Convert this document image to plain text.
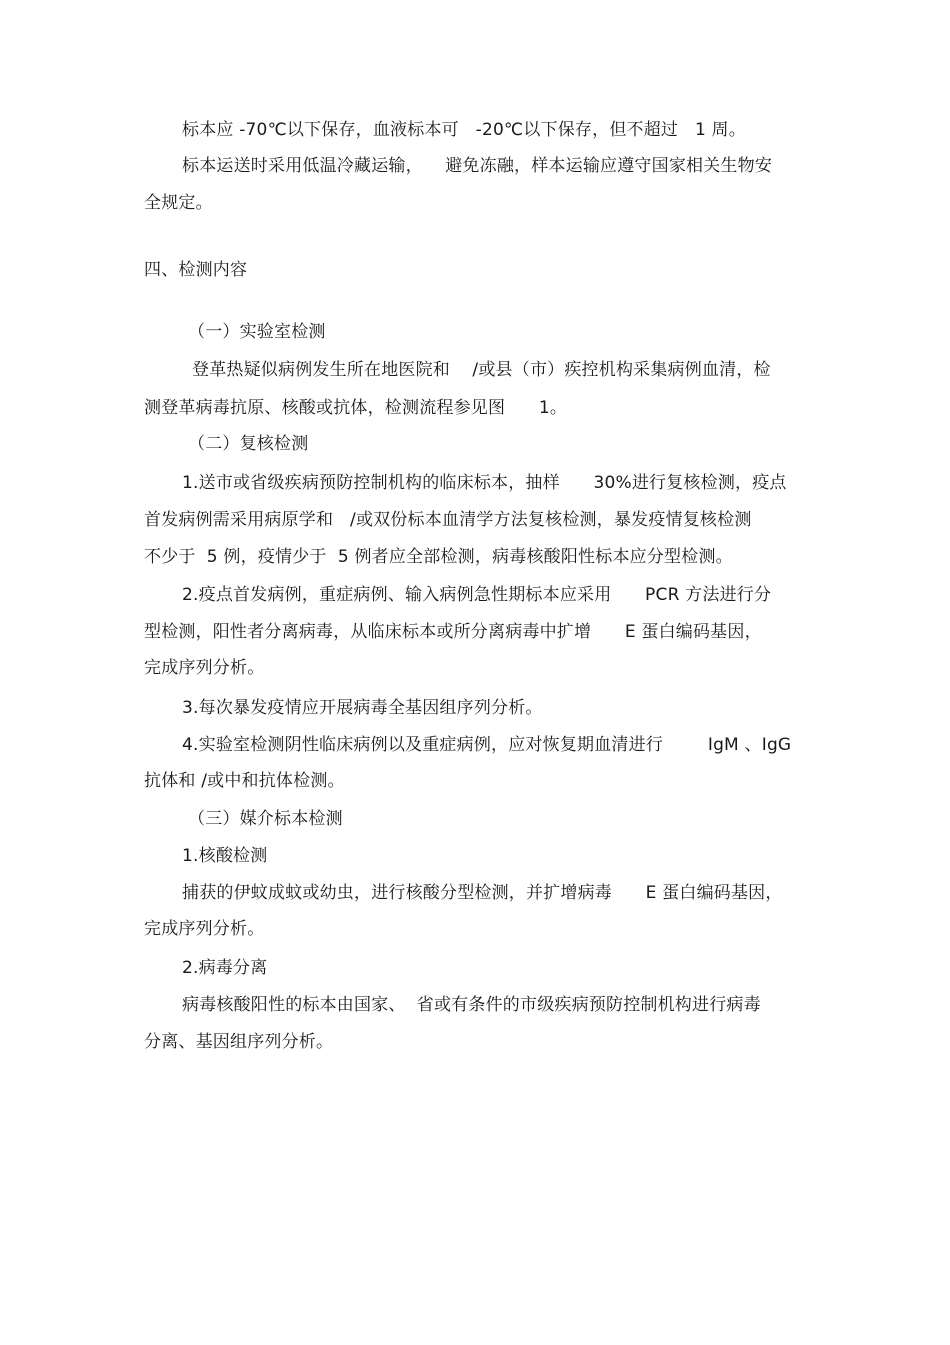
标本应 -70℃以下保存，血液标本可   -20℃以下保存，但不超过   1 周。
标本运送时采用低温冷藏运输，    避免冻融，样本运输应遵守国家相关生物安
全规定。
四、检测内容
（一）实验室检测
登革热疑似病例发生所在地医院和    /或县（市）疾控机构采集病例血清，检
测登革病毒抗原、核酸或抗体，检测流程参见图      1。
（二）复核检测
1.送市或省级疾病预防控制机构的临床标本，抽样      30%进行复核检测，疫点
首发病例需采用病原学和   /或双份标本血清学方法复核检测，暴发疫情复核检测
不少于  5 例，疫情少于  5 例者应全部检测，病毒核酸阳性标本应分型检测。
2.疫点首发病例，重症病例、输入病例急性期标本应采用      PCR 方法进行分
型检测，阳性者分离病毒，从临床标本或所分离病毒中扩增      E 蛋白编码基因，
完成序列分析。
3.每次暴发疫情应开展病毒全基因组序列分析。
4.实验室检测阴性临床病例以及重症病例，应对恢复期血清进行        IgM 、IgG
抗体和 /或中和抗体检测。
（三）媒介标本检测
1.核酸检测
捕获的伊蚊成蚊或幼虫，进行核酸分型检测，并扩增病毒      E 蛋白编码基因，
完成序列分析。
2.病毒分离
病毒核酸阳性的标本由国家、  省或有条件的市级疾病预防控制机构进行病毒
分离、基因组序列分析。
